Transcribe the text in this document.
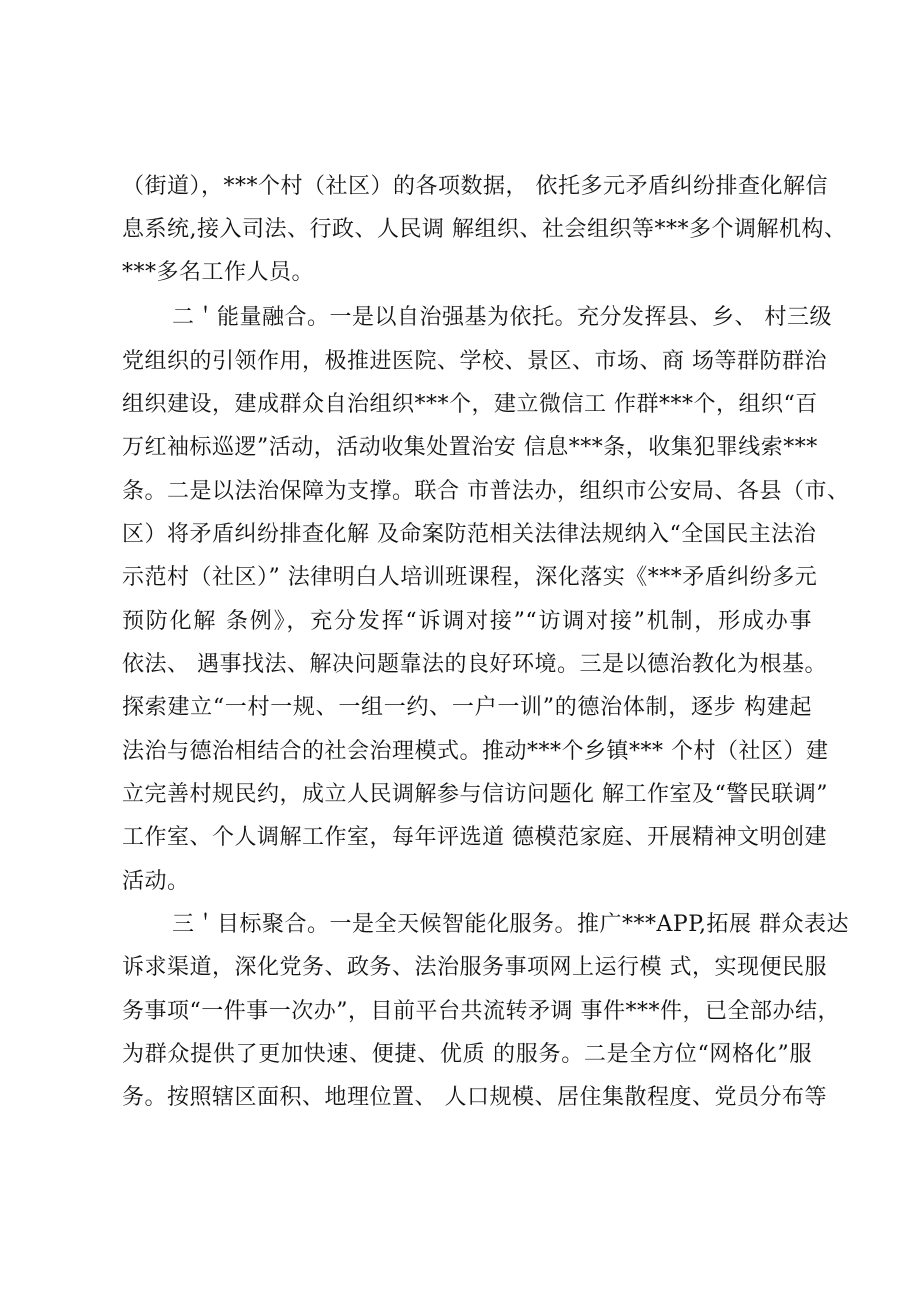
（街道），***个村（社区）的各项数据， 依托多元矛盾纠纷排查化解信
息系统,接入司法、行政、人民调 解组织、社会组织等***多个调解机构、
***多名工作人员。
二＇能量融合。一是以自治强基为依托。充分发挥县、乡、 村三级
党组织的引领作用，极推进医院、学校、景区、市场、商 场等群防群治
组织建设，建成群众自治组织***个，建立微信工 作群***个，组织“百
万红袖标巡逻”活动，活动收集处置治安 信息***条，收集犯罪线索***
条。二是以法治保障为支撑。联合 市普法办，组织市公安局、各县（市、
区）将矛盾纠纷排查化解 及命案防范相关法律法规纳入“全国民主法治
示范村（社区）” 法律明白人培训班课程，深化落实《***矛盾纠纷多元
预防化解 条例》，充分发挥“诉调对接”“访调对接”机制，形成办事
依法、 遇事找法、解决问题靠法的良好环境。三是以德治教化为根基。
探索建立“一村一规、一组一约、一户一训”的德治体制，逐步 构建起
法治与德治相结合的社会治理模式。推动***个乡镇*** 个村（社区）建
立完善村规民约，成立人民调解参与信访问题化 解工作室及“警民联调”
工作室、个人调解工作室，每年评选道 德模范家庭、开展精神文明创建
活动。
三＇目标聚合。一是全天候智能化服务。推广***APP,拓展 群众表达
诉求渠道，深化党务、政务、法治服务事项网上运行模 式，实现便民服
务事项“一件事一次办”，目前平台共流转矛调 事件***件，已全部办结，
为群众提供了更加快速、便捷、优质 的服务。二是全方位“网格化”服
务。按照辖区面积、地理位置、 人口规模、居住集散程度、党员分布等
